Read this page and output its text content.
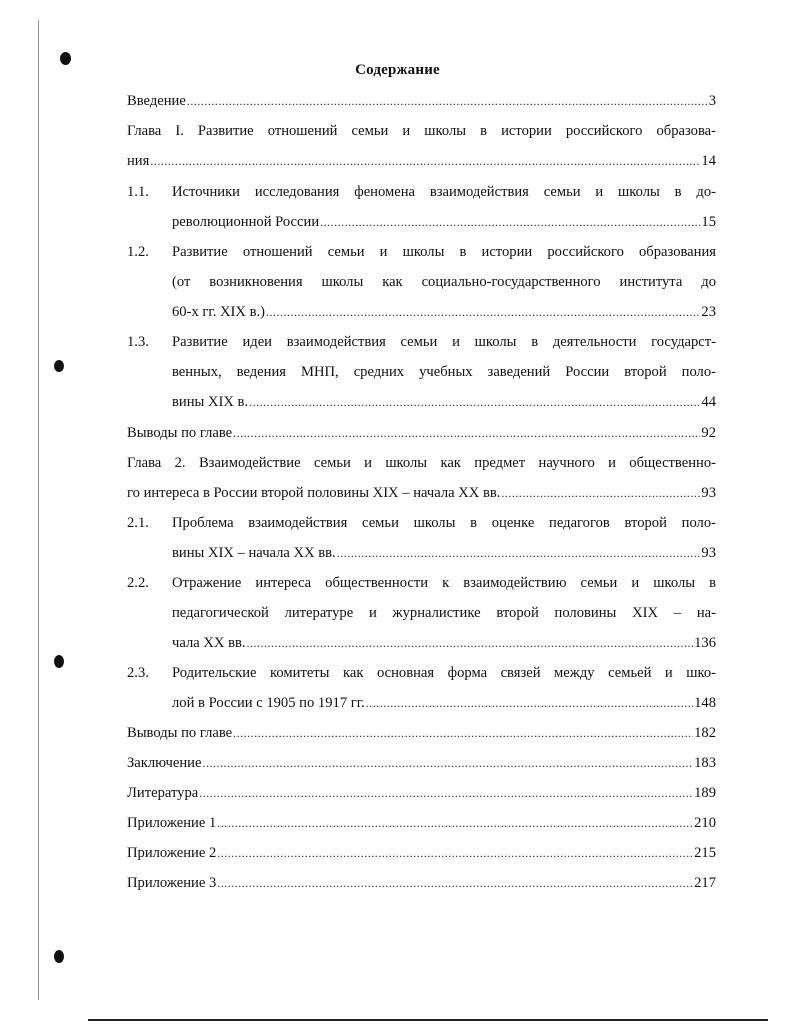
Содержание
Введение .....	3
Глава I. Развитие отношений семьи и школы в истории российского образова-
ния .....	14
1.1. Источники исследования феномена взаимодействия семьи и школы в до-
революционной России .....	15
1.2. Развитие отношений семьи и школы в истории российского образования
(от возникновения школы как социально-государственного института до
60-х гг. XIX в.) .....	23
1.3. Развитие идеи взаимодействия семьи и школы в деятельности государст-
венных, ведения МНП, средних учебных заведений России второй поло-
вины XIX в. .....	44
Выводы по главе .....	92
Глава 2. Взаимодействие семьи и школы как предмет научного и общественно-
го интереса в России второй половины XIX – начала XX вв. .....	93
2.1. Проблема взаимодействия семьи школы в оценке педагогов второй поло-
вины XIX – начала XX вв. .....	93
2.2. Отражение интереса общественности к взаимодействию семьи и школы в
педагогической литературе и журналистике второй половины XIX – на-
чала XX вв. .....	136
2.3. Родительские комитеты как основная форма связей между семьей и шко-
лой в России с 1905 по 1917 гг. .....	148
Выводы по главе .....	182
Заключение .....	183
Литература .....	189
Приложение 1 .....	210
Приложение 2 .....	215
Приложение 3 .....	217
